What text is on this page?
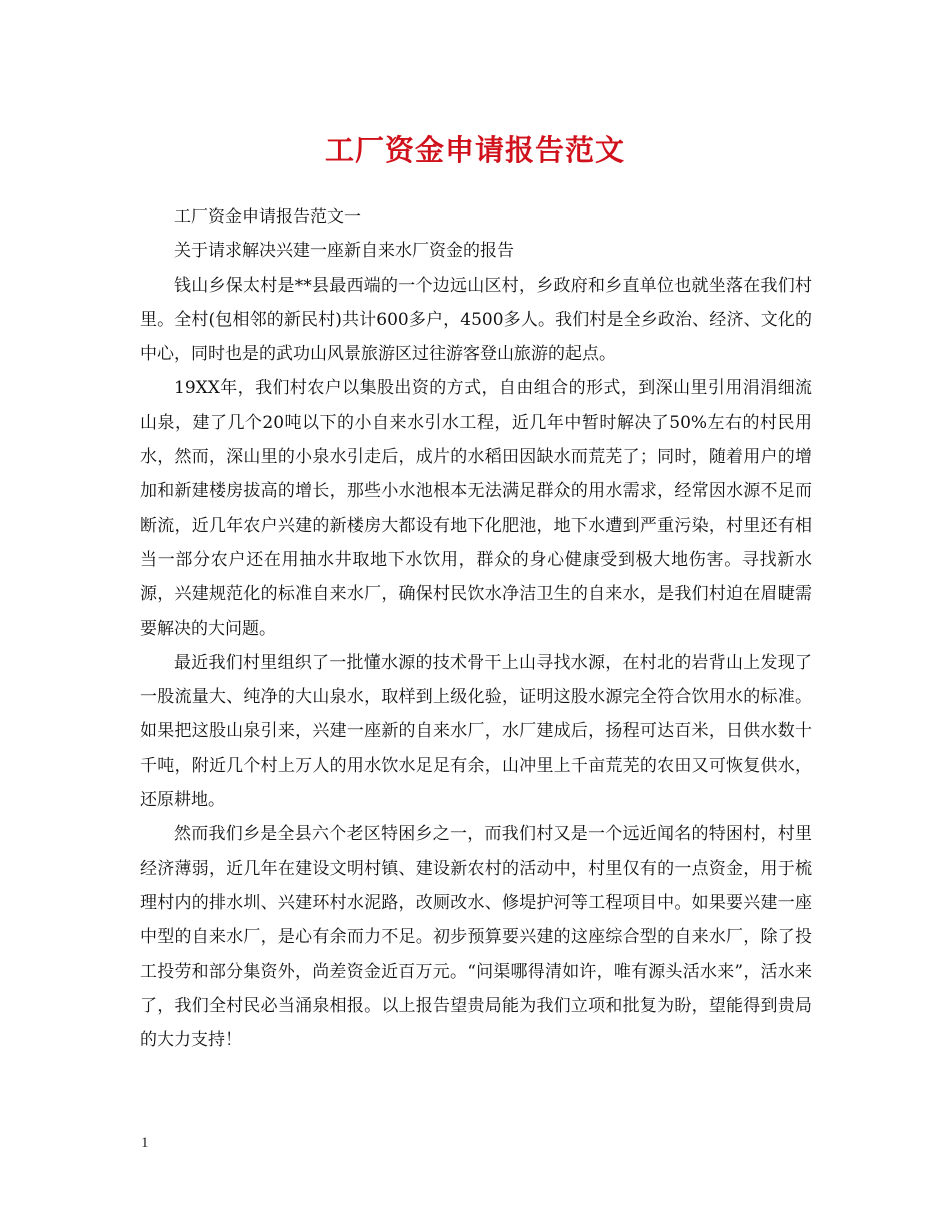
工厂资金申请报告范文

工厂资金申请报告范文一

关于请求解决兴建一座新自来水厂资金的报告

钱山乡保太村是**县最西端的一个边远山区村，乡政府和乡直单位也就坐落在我们村里。全村(包相邻的新民村)共计600多户，4500多人。我们村是全乡政治、经济、文化的中心，同时也是的武功山风景旅游区过往游客登山旅游的起点。

19XX年，我们村农户以集股出资的方式，自由组合的形式，到深山里引用涓涓细流山泉，建了几个20吨以下的小自来水引水工程，近几年中暂时解决了50%左右的村民用水，然而，深山里的小泉水引走后，成片的水稻田因缺水而荒芜了；同时，随着用户的增加和新建楼房拔高的增长，那些小水池根本无法满足群众的用水需求，经常因水源不足而断流，近几年农户兴建的新楼房大都设有地下化肥池，地下水遭到严重污染，村里还有相当一部分农户还在用抽水井取地下水饮用，群众的身心健康受到极大地伤害。寻找新水源，兴建规范化的标准自来水厂，确保村民饮水净洁卫生的自来水，是我们村迫在眉睫需要解决的大问题。

最近我们村里组织了一批懂水源的技术骨干上山寻找水源，在村北的岩背山上发现了一股流量大、纯净的大山泉水，取样到上级化验，证明这股水源完全符合饮用水的标准。如果把这股山泉引来，兴建一座新的自来水厂，水厂建成后，扬程可达百米，日供水数十千吨，附近几个村上万人的用水饮水足足有余，山冲里上千亩荒芜的农田又可恢复供水，还原耕地。

然而我们乡是全县六个老区特困乡之一，而我们村又是一个远近闻名的特困村，村里经济薄弱，近几年在建设文明村镇、建设新农村的活动中，村里仅有的一点资金，用于梳理村内的排水圳、兴建环村水泥路，改厕改水、修堤护河等工程项目中。如果要兴建一座中型的自来水厂，是心有余而力不足。初步预算要兴建的这座综合型的自来水厂，除了投工投劳和部分集资外，尚差资金近百万元。“问渠哪得清如许，唯有源头活水来”，活水来了，我们全村民必当涌泉相报。以上报告望贵局能为我们立项和批复为盼，望能得到贵局的大力支持！

1
